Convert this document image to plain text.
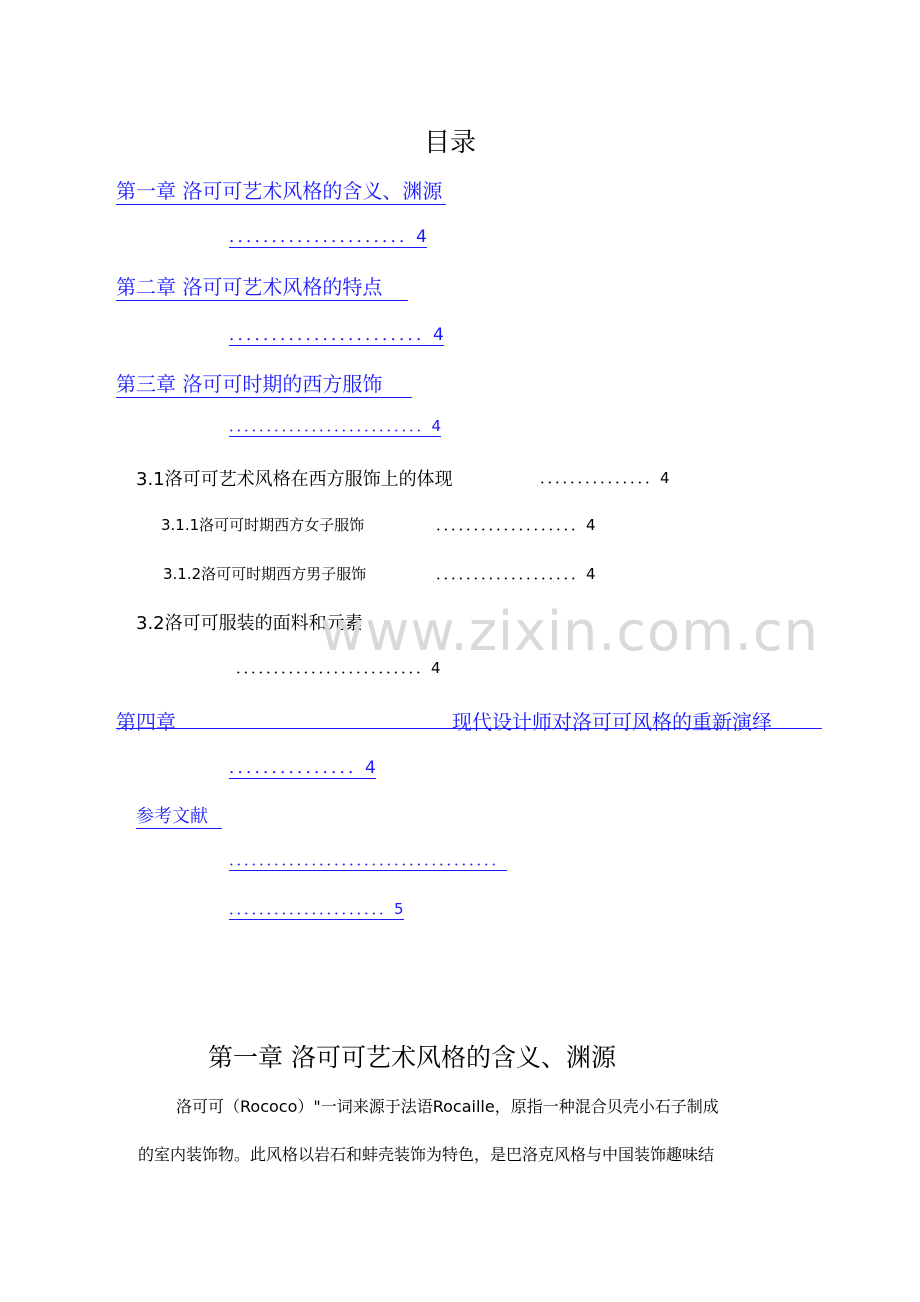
目录
第一章 洛可可艺术风格的含义、渊源
．．．．．．．．．．．．．．．．．．．．．4
第二章 洛可可艺术风格的特点
．．．．．．．．．．．．．．．．．．．．．．．4
第三章 洛可可时期的西方服饰
．．．．．．．．．．．．．．．．．．．．．．．．．．4
3.1洛可可艺术风格在西方服饰上的体现	．．．．．．．．．．．．．．．4
3.1.1洛可可时期西方女子服饰	．．．．．．．．．．．．．．．．．．．4
3.1.2洛可可时期西方男子服饰	．．．．．．．．．．．．．．．．．．．4
3.2洛可可服装的面料和元素
．．．．．．．．．．．．．．．．．．．．．．．．．4
www.zixin.com.cn
第四章	现代设计师对洛可可风格的重新演绎
．．．．．．．．．．．．．．．4
参考文献
．．．．．．．．．．．．．．．．．．．．．．．．．．．．．．．．．．．．
．．．．．．．．．．．．．．．．．．．．．5
第一章 洛可可艺术风格的含义、渊源
洛可可（Rococo）"一词来源于法语Rocaille，原指一种混合贝壳小石子制成
的室内装饰物。此风格以岩石和蚌壳装饰为特色，是巴洛克风格与中国装饰趣味结
